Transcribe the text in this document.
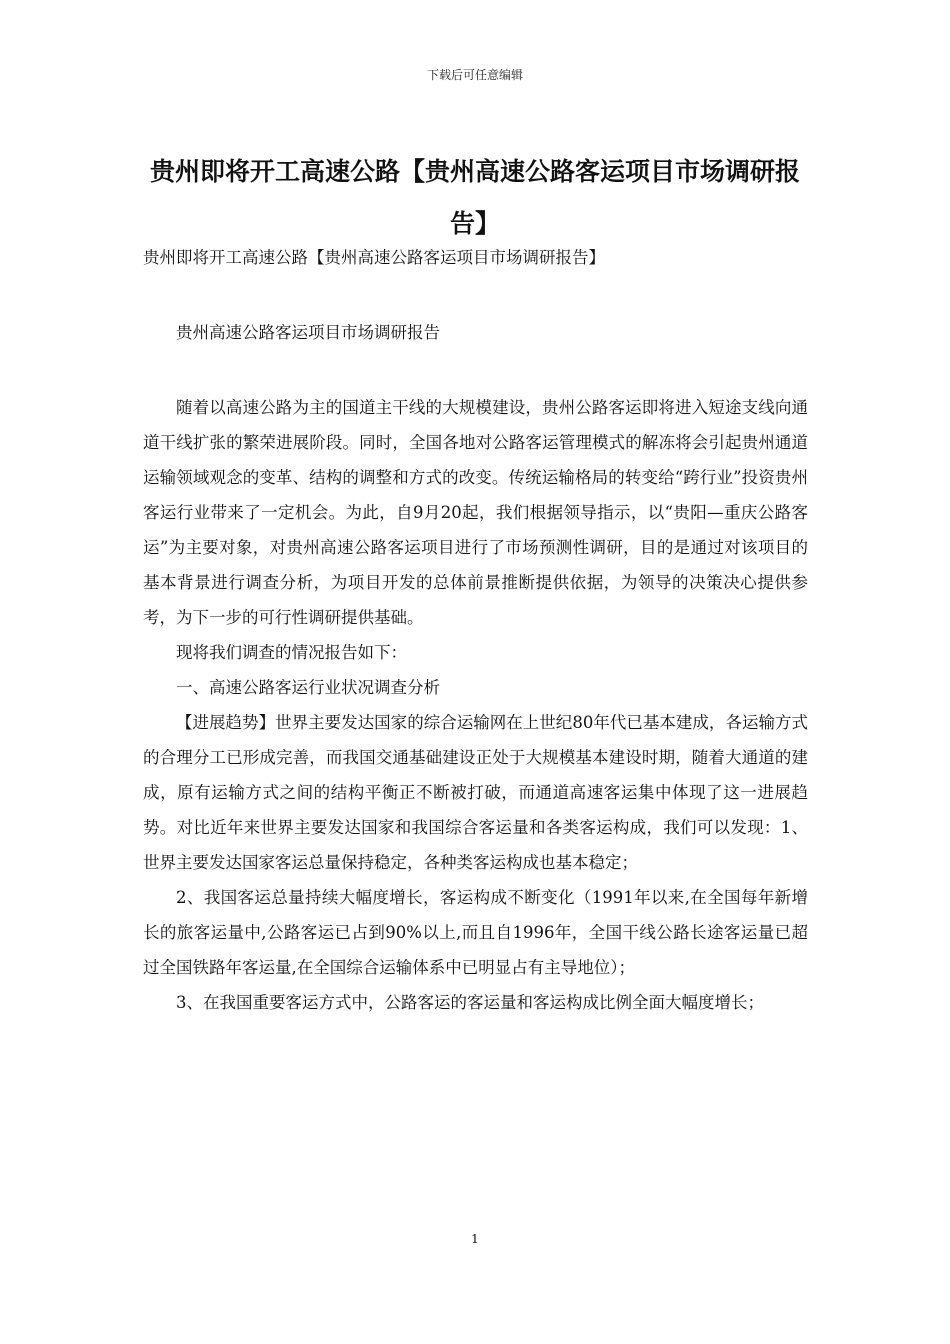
下载后可任意编辑
贵州即将开工高速公路【贵州高速公路客运项目市场调研报告】

贵州即将开工高速公路【贵州高速公路客运项目市场调研报告】

贵州高速公路客运项目市场调研报告

随着以高速公路为主的国道主干线的大规模建设，贵州公路客运即将进入短途支线向通道干线扩张的繁荣进展阶段。同时，全国各地对公路客运管理模式的解冻将会引起贵州通道运输领域观念的变革、结构的调整和方式的改变。传统运输格局的转变给“跨行业”投资贵州客运行业带来了一定机会。为此，自9月20起，我们根据领导指示，以“贵阳—重庆公路客运”为主要对象，对贵州高速公路客运项目进行了市场预测性调研，目的是通过对该项目的基本背景进行调查分析，为项目开发的总体前景推断提供依据，为领导的决策决心提供参考，为下一步的可行性调研提供基础。

现将我们调查的情况报告如下：

一、高速公路客运行业状况调查分析

【进展趋势】世界主要发达国家的综合运输网在上世纪80年代已基本建成，各运输方式的合理分工已形成完善，而我国交通基础建设正处于大规模基本建设时期，随着大通道的建成，原有运输方式之间的结构平衡正不断被打破，而通道高速客运集中体现了这一进展趋势。对比近年来世界主要发达国家和我国综合客运量和各类客运构成，我们可以发现：1、世界主要发达国家客运总量保持稳定，各种类客运构成也基本稳定；

2、我国客运总量持续大幅度增长，客运构成不断变化（1991年以来,在全国每年新增长的旅客运量中,公路客运已占到90%以上,而且自1996年，全国干线公路长途客运量已超过全国铁路年客运量,在全国综合运输体系中已明显占有主导地位）；

3、在我国重要客运方式中，公路客运的客运量和客运构成比例全面大幅度增长；

1
